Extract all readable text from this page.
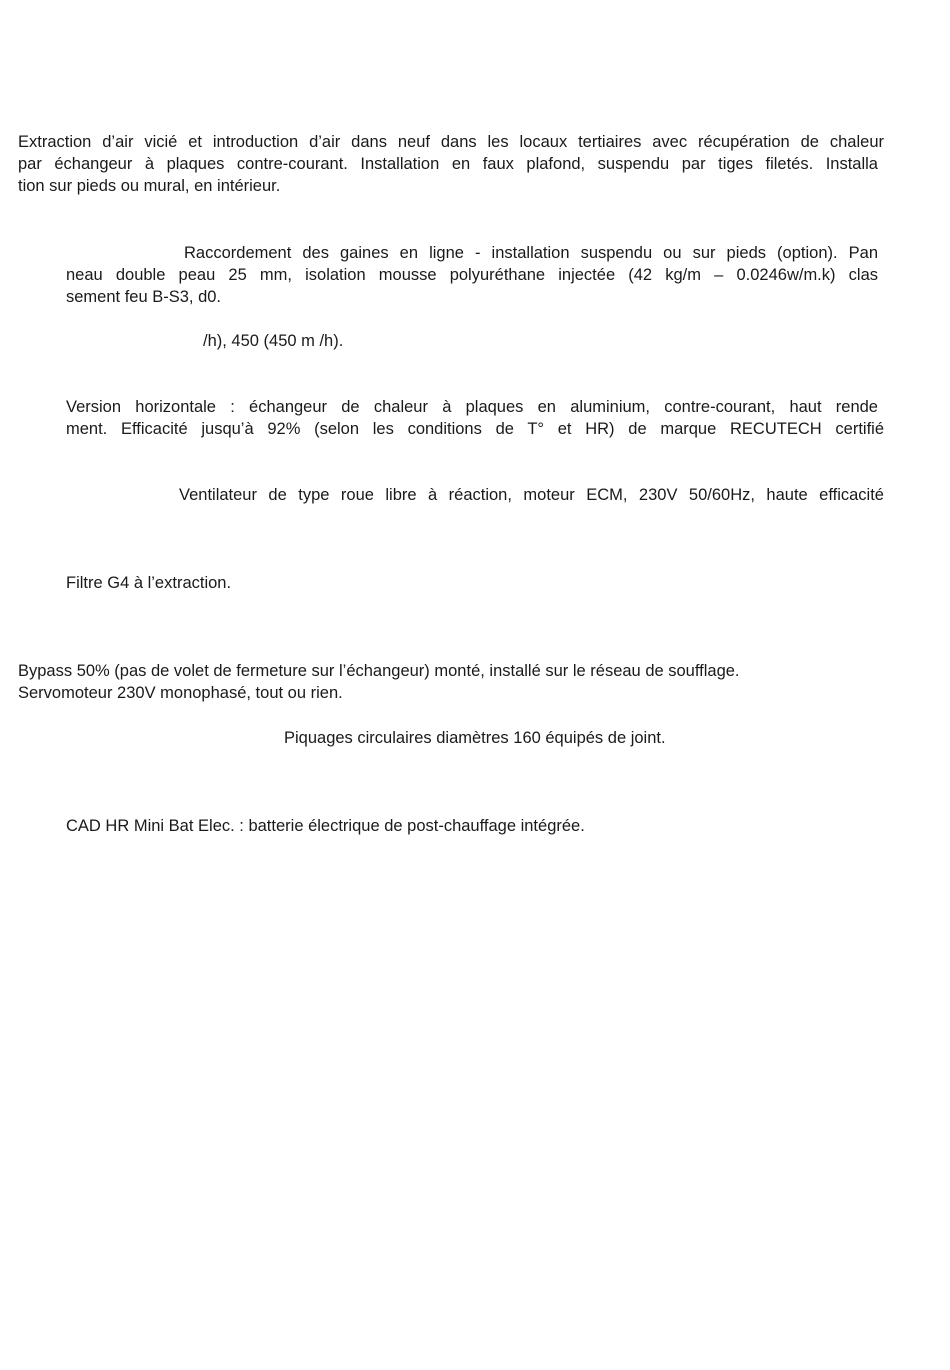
Extraction d’air vicié et introduction d’air dans neuf dans les locaux tertiaires avec récupération de chaleur
par échangeur à plaques contre-courant. Installation en faux plafond, suspendu par tiges filetés. Installa
tion sur pieds ou mural, en intérieur.
Raccordement des gaines en ligne - installation suspendu ou sur pieds (option). Pan
neau double peau 25 mm, isolation mousse polyuréthane injectée (42 kg/m – 0.0246w/m.k) clas
sement feu B-S3, d0.
/h), 450 (450 m /h).
Version horizontale : échangeur de chaleur à plaques en aluminium, contre-courant, haut rende
ment. Efficacité jusqu’à 92% (selon les conditions de T° et HR) de marque RECUTECH certifié
Ventilateur de type roue libre à réaction, moteur ECM, 230V 50/60Hz, haute efficacité
Filtre G4 à l’extraction.
Bypass 50% (pas de volet de fermeture sur l’échangeur) monté, installé sur le réseau de soufflage.
Servomoteur 230V monophasé, tout ou rien.
Piquages circulaires diamètres 160 équipés de joint.
CAD HR Mini Bat Elec. : batterie électrique de post-chauffage intégrée.
